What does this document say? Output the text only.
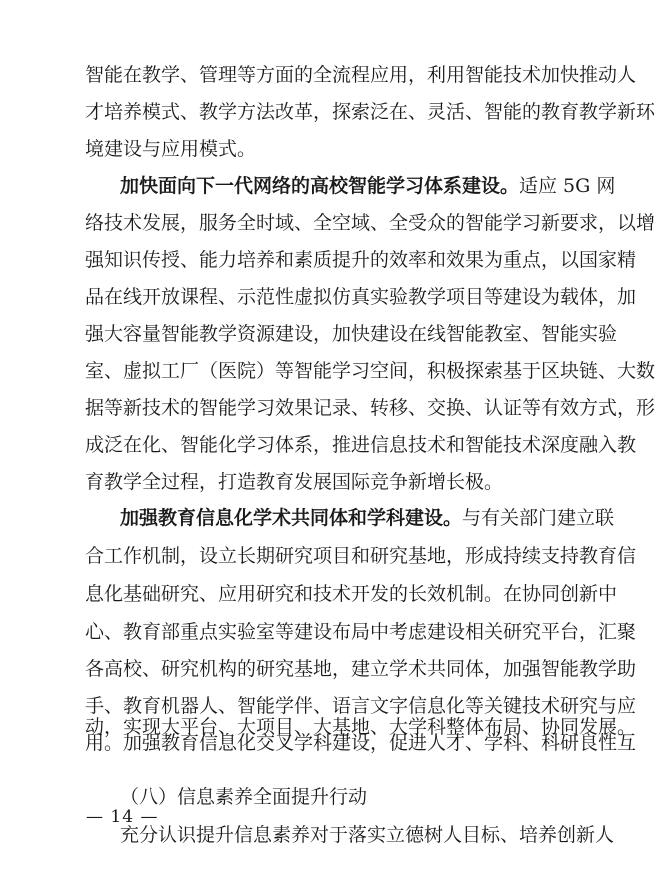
智能在教学、管理等方面的全流程应用，利用智能技术加快推动人
才培养模式、教学方法改革，探索泛在、灵活、智能的教育教学新环
境建设与应用模式。
加快面向下一代网络的高校智能学习体系建设。适应 5G 网
络技术发展，服务全时域、全空域、全受众的智能学习新要求，以增
强知识传授、能力培养和素质提升的效率和效果为重点，以国家精
品在线开放课程、示范性虚拟仿真实验教学项目等建设为载体，加
强大容量智能教学资源建设，加快建设在线智能教室、智能实验
室、虚拟工厂（医院）等智能学习空间，积极探索基于区块链、大数
据等新技术的智能学习效果记录、转移、交换、认证等有效方式，形
成泛在化、智能化学习体系，推进信息技术和智能技术深度融入教
育教学全过程，打造教育发展国际竞争新增长极。
加强教育信息化学术共同体和学科建设。与有关部门建立联
合工作机制，设立长期研究项目和研究基地，形成持续支持教育信
息化基础研究、应用研究和技术开发的长效机制。在协同创新中
心、教育部重点实验室等建设布局中考虑建设相关研究平台，汇聚
各高校、研究机构的研究基地，建立学术共同体，加强智能教学助
手、教育机器人、智能学伴、语言文字信息化等关键技术研究与应
用。加强教育信息化交叉学科建设，促进人才、学科、科研良性互
（八）信息素养全面提升行动
充分认识提升信息素养对于落实立德树人目标、培养创新人
动，实现大平台、大项目、大基地、大学科整体布局、协同发展。
— 14 —
